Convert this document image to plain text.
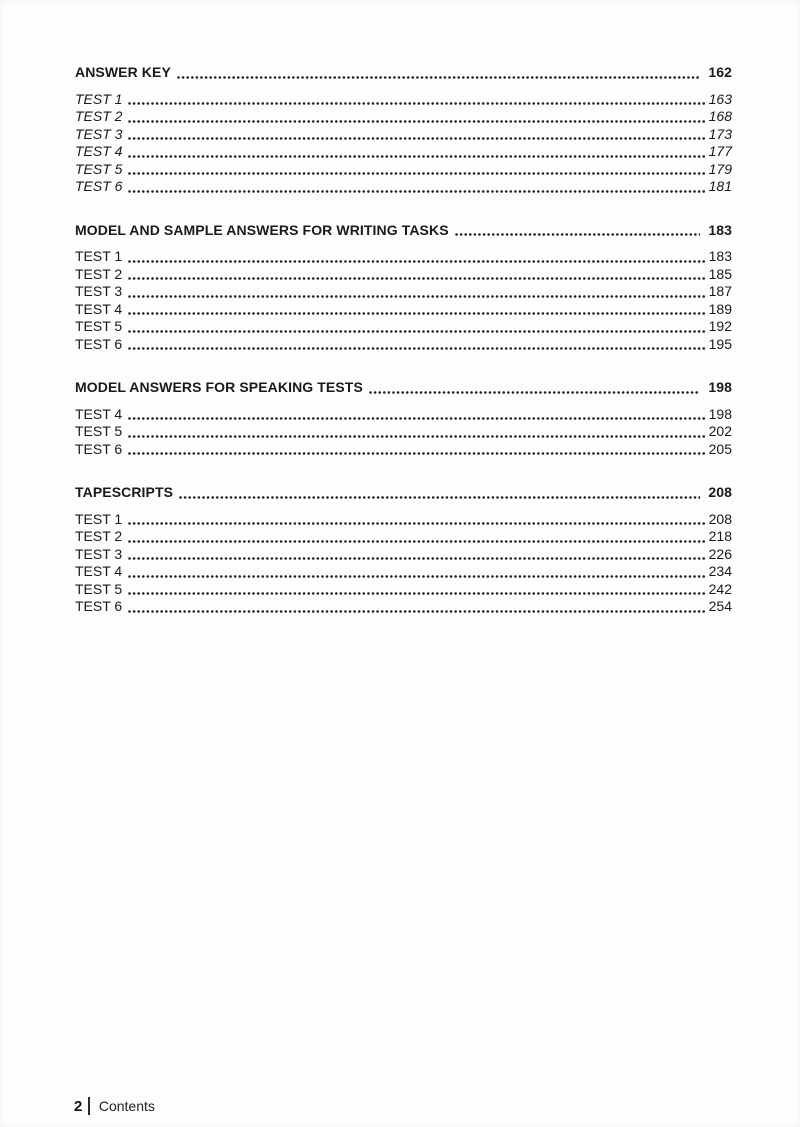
ANSWER KEY	162
TEST 1	163
TEST 2	168
TEST 3	173
TEST 4	177
TEST 5	179
TEST 6	181
MODEL AND SAMPLE ANSWERS FOR WRITING TASKS	183
TEST 1	183
TEST 2	185
TEST 3	187
TEST 4	189
TEST 5	192
TEST 6	195
MODEL ANSWERS FOR SPEAKING TESTS	198
TEST 4	198
TEST 5	202
TEST 6	205
TAPESCRIPTS	208
TEST 1	208
TEST 2	218
TEST 3	226
TEST 4	234
TEST 5	242
TEST 6	254
2 Contents
